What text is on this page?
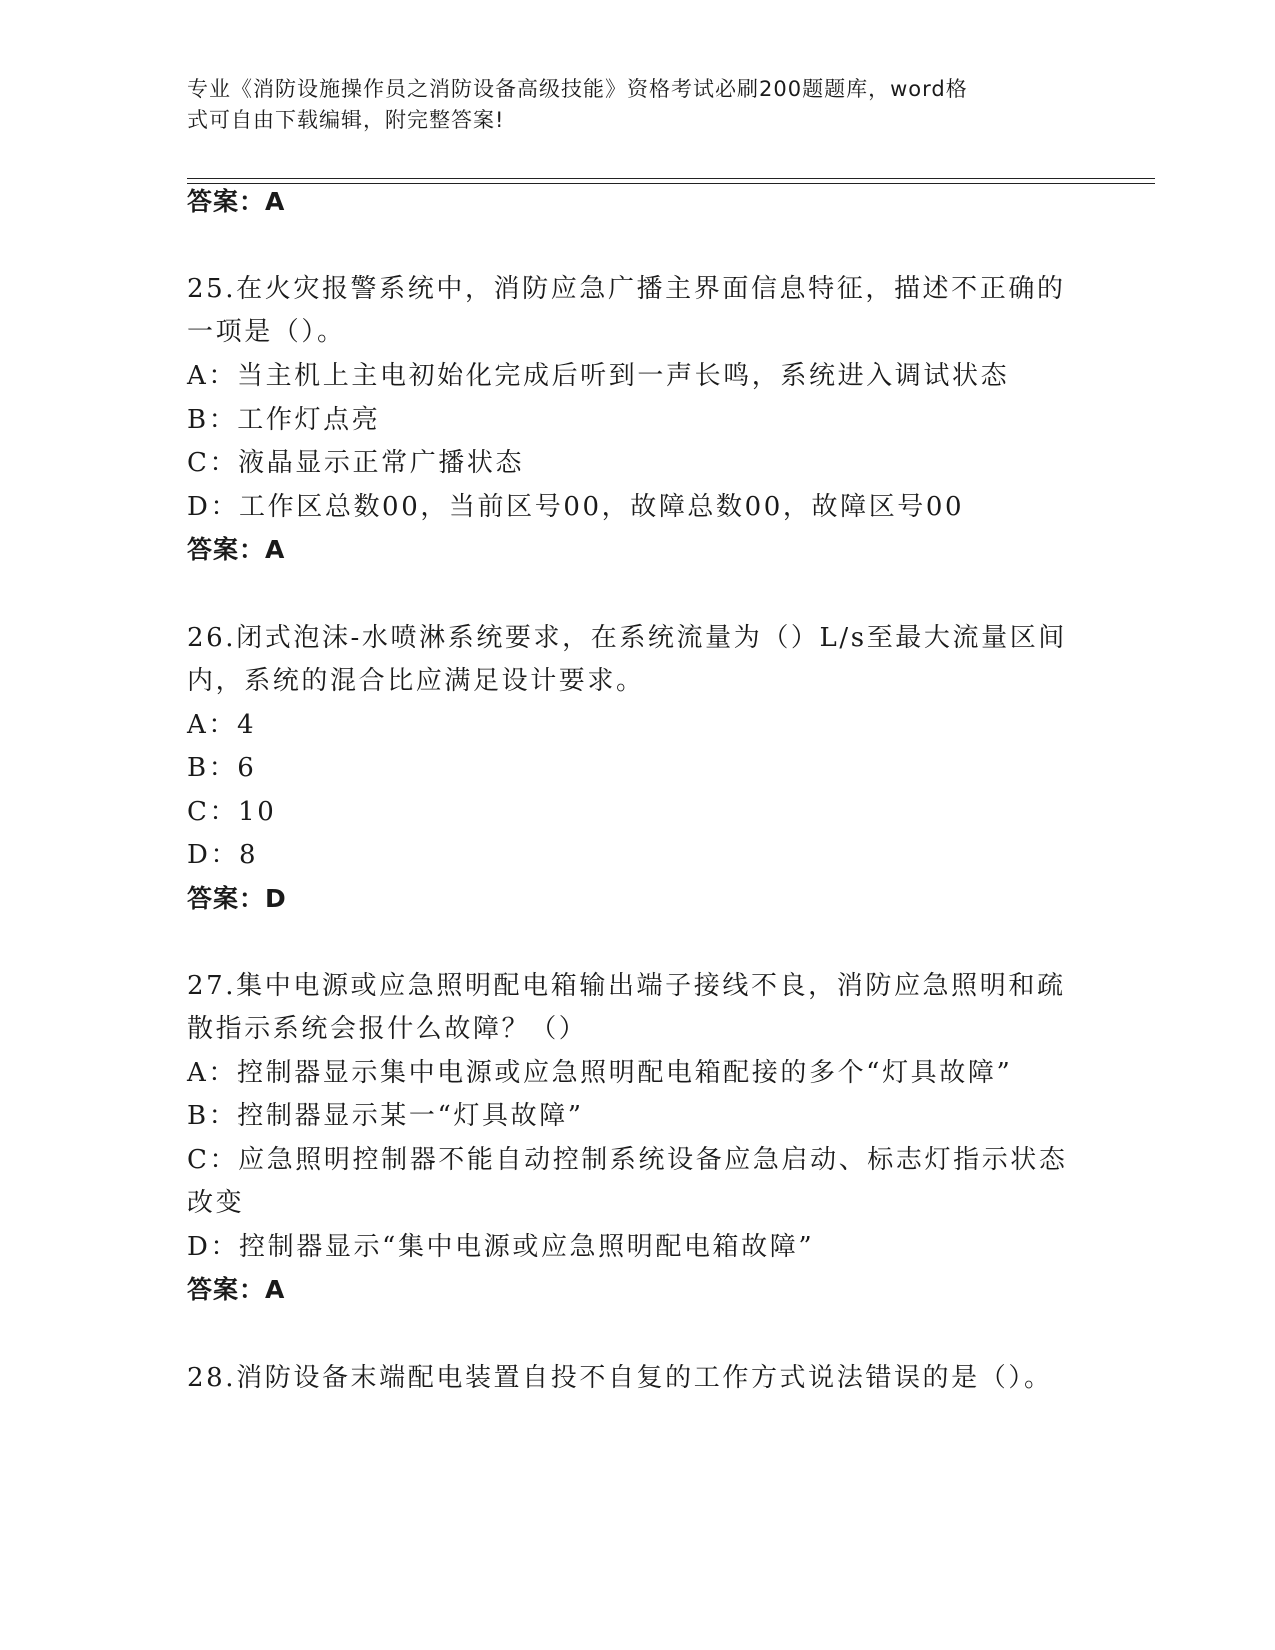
专业《消防设施操作员之消防设备高级技能》资格考试必刷200题题库，word格
式可自由下载编辑，附完整答案!
答案：A
25.在火灾报警系统中，消防应急广播主界面信息特征，描述不正确的
一项是（）。
A：当主机上主电初始化完成后听到一声长鸣，系统进入调试状态
B：工作灯点亮
C：液晶显示正常广播状态
D：工作区总数00，当前区号00，故障总数00，故障区号00
答案：A
26.闭式泡沫-水喷淋系统要求，在系统流量为（）L/s至最大流量区间
内，系统的混合比应满足设计要求。
A：4
B：6
C：10
D：8
答案：D
27.集中电源或应急照明配电箱输出端子接线不良，消防应急照明和疏
散指示系统会报什么故障？（）
A：控制器显示集中电源或应急照明配电箱配接的多个“灯具故障”
B：控制器显示某一“灯具故障”
C：应急照明控制器不能自动控制系统设备应急启动、标志灯指示状态
改变
D：控制器显示“集中电源或应急照明配电箱故障”
答案：A
28.消防设备末端配电装置自投不自复的工作方式说法错误的是（）。
